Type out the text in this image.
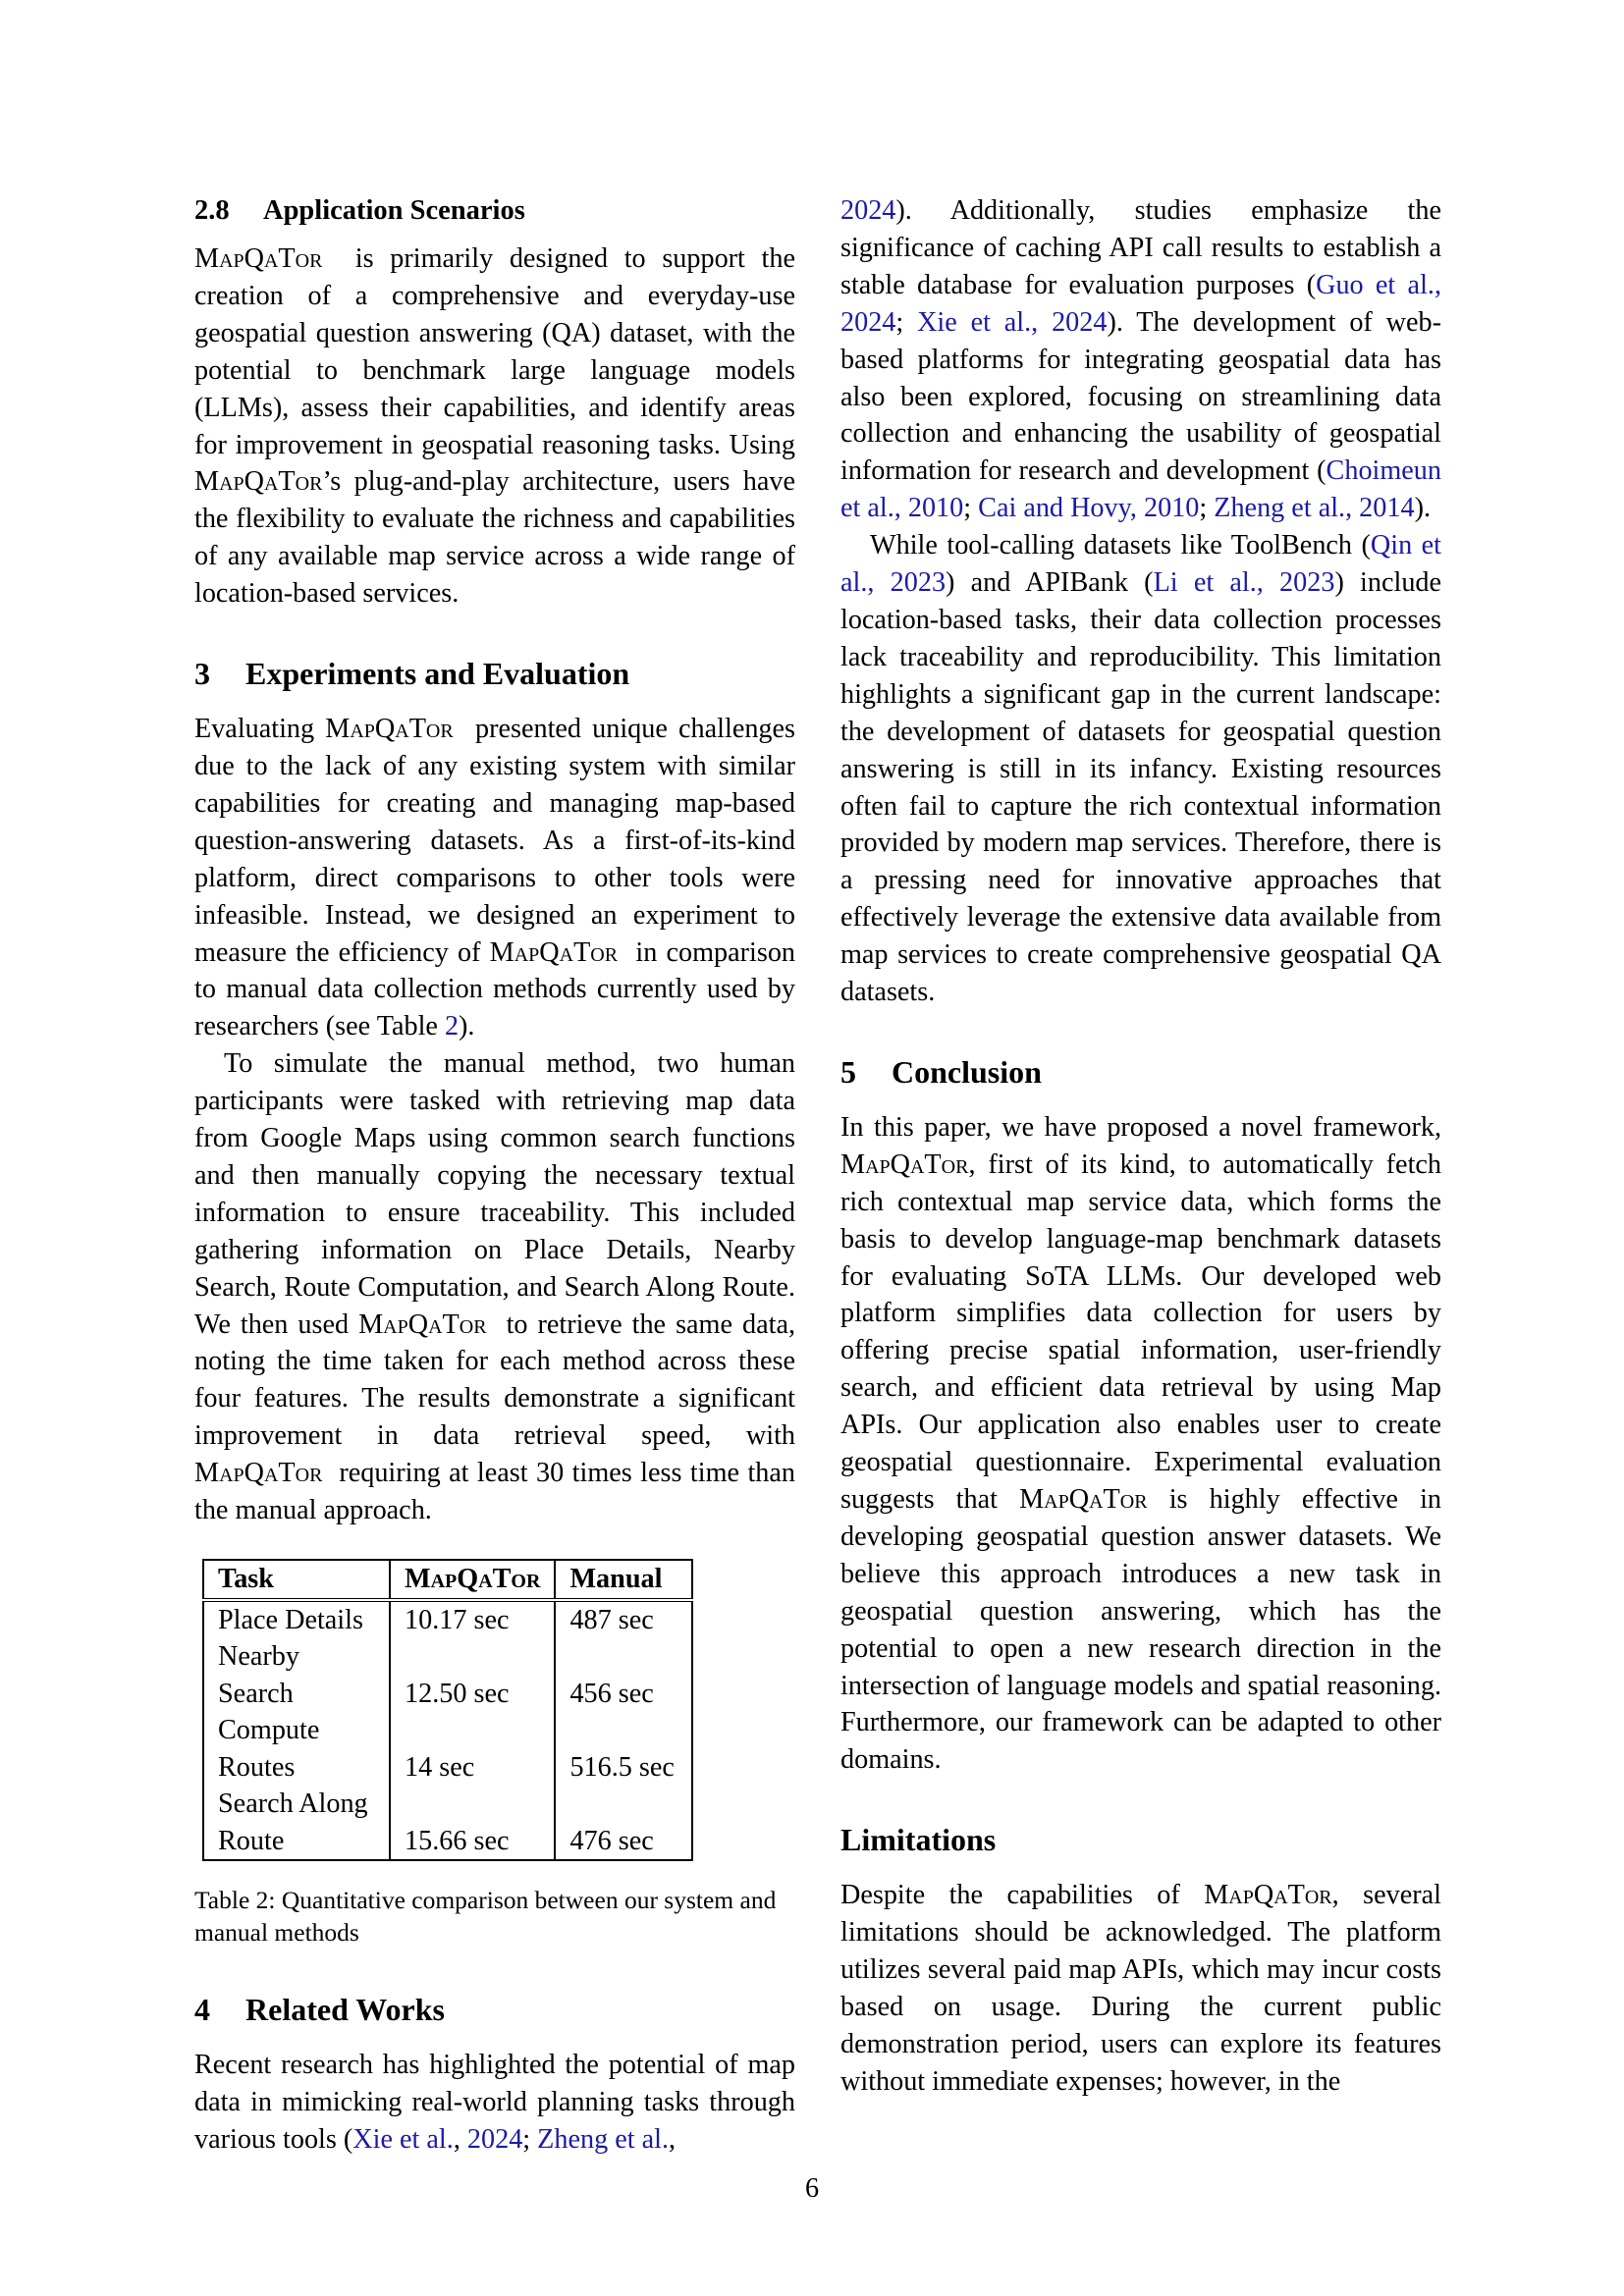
2.8 Application Scenarios

MapQaTor is primarily designed to support the creation of a comprehensive and everyday-use geospatial question answering (QA) dataset, with the potential to benchmark large language models (LLMs), assess their capabilities, and identify areas for improvement in geospatial reasoning tasks. Using MapQaTor’s plug-and-play architecture, users have the flexibility to evaluate the richness and capabilities of any available map service across a wide range of location-based services.

3 Experiments and Evaluation

Evaluating MapQaTor  presented unique challenges due to the lack of any existing system with similar capabilities for creating and managing map-based question-answering datasets. As a first-of-its-kind platform, direct comparisons to other tools were infeasible. Instead, we designed an experiment to measure the efficiency of MapQaTor  in comparison to manual data collection methods currently used by researchers (see Table 2).

To simulate the manual method, two human participants were tasked with retrieving map data from Google Maps using common search functions and then manually copying the necessary textual information to ensure traceability. This included gathering information on Place Details, Nearby Search, Route Computation, and Search Along Route. We then used MapQaTor  to retrieve the same data, noting the time taken for each method across these four features. The results demonstrate a significant improvement in data retrieval speed, with MapQaTor  requiring at least 30 times less time than the manual approach.

Task	MapQaTor	Manual
Place Details	10.17 sec	487 sec
Nearby Search	12.50 sec	456 sec
Compute Routes	14 sec	516.5 sec
Search Along Route	15.66 sec	476 sec

Table 2: Quantitative comparison between our system and manual methods

4 Related Works

Recent research has highlighted the potential of map data in mimicking real-world planning tasks through various tools (Xie et al., 2024; Zheng et al.,

2024). Additionally, studies emphasize the significance of caching API call results to establish a stable database for evaluation purposes (Guo et al., 2024; Xie et al., 2024). The development of web-based platforms for integrating geospatial data has also been explored, focusing on streamlining data collection and enhancing the usability of geospatial information for research and development (Choimeun et al., 2010; Cai and Hovy, 2010; Zheng et al., 2014).

While tool-calling datasets like ToolBench (Qin et al., 2023) and APIBank (Li et al., 2023) include location-based tasks, their data collection processes lack traceability and reproducibility. This limitation highlights a significant gap in the current landscape: the development of datasets for geospatial question answering is still in its infancy. Existing resources often fail to capture the rich contextual information provided by modern map services. Therefore, there is a pressing need for innovative approaches that effectively leverage the extensive data available from map services to create comprehensive geospatial QA datasets.

5 Conclusion

In this paper, we have proposed a novel framework, MapQaTor, first of its kind, to automatically fetch rich contextual map service data, which forms the basis to develop language-map benchmark datasets for evaluating SoTA LLMs. Our developed web platform simplifies data collection for users by offering precise spatial information, user-friendly search, and efficient data retrieval by using Map APIs. Our application also enables user to create geospatial questionnaire. Experimental evaluation suggests that MapQaTor is highly effective in developing geospatial question answer datasets. We believe this approach introduces a new task in geospatial question answering, which has the potential to open a new research direction in the intersection of language models and spatial reasoning. Furthermore, our framework can be adapted to other domains.

Limitations

Despite the capabilities of MapQaTor, several limitations should be acknowledged. The platform utilizes several paid map APIs, which may incur costs based on usage. During the current public demonstration period, users can explore its features without immediate expenses; however, in the

6
